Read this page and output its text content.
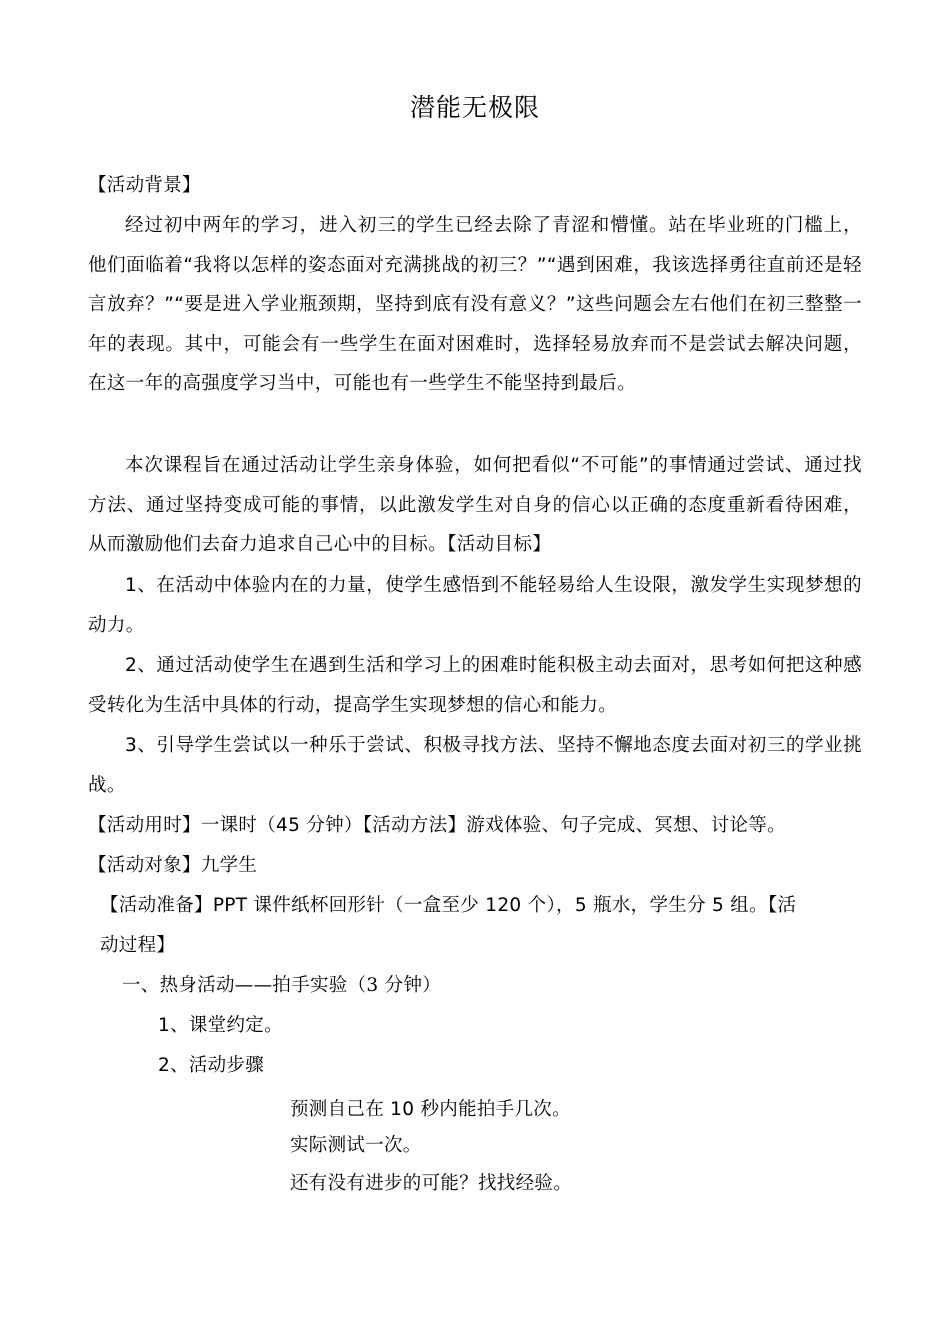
潜能无极限
【活动背景】

经过初中两年的学习，进入初三的学生已经去除了青涩和懵懂。站在毕业班的门槛上，他们面临着“我将以怎样的姿态面对充满挑战的初三？”“遇到困难，我该选择勇往直前还是轻言放弃？”“要是进入学业瓶颈期，坚持到底有没有意义？”这些问题会左右他们在初三整整一年的表现。其中，可能会有一些学生在面对困难时，选择轻易放弃而不是尝试去解决问题，在这一年的高强度学习当中，可能也有一些学生不能坚持到最后。

本次课程旨在通过活动让学生亲身体验，如何把看似“不可能”的事情通过尝试、通过找方法、通过坚持变成可能的事情，以此激发学生对自身的信心以正确的态度重新看待困难，从而激励他们去奋力追求自己心中的目标。【活动目标】

1、在活动中体验内在的力量，使学生感悟到不能轻易给人生设限，激发学生实现梦想的动力。

2、通过活动使学生在遇到生活和学习上的困难时能积极主动去面对，思考如何把这种感受转化为生活中具体的行动，提高学生实现梦想的信心和能力。

3、引导学生尝试以一种乐于尝试、积极寻找方法、坚持不懈地态度去面对初三的学业挑战。

【活动用时】一课时（45 分钟）【活动方法】游戏体验、句子完成、冥想、讨论等。
【活动对象】九学生
【活动准备】PPT 课件纸杯回形针（一盒至少 120 个），5 瓶水，学生分 5 组。【活
动过程】
一、热身活动——拍手实验（3 分钟）
1、课堂约定。
2、活动步骤
预测自己在 10 秒内能拍手几次。
实际测试一次。
还有没有进步的可能？找找经验。
